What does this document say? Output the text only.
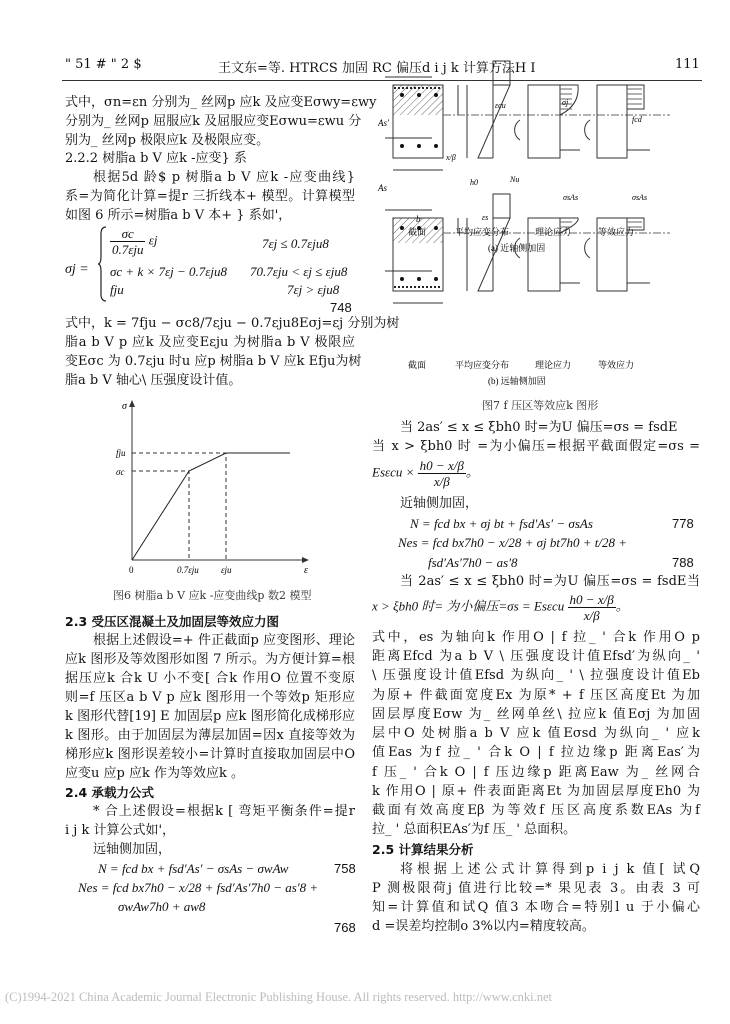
" 51 # " 2 $	王文东=等. HTRCS 加固 RC 偏压d i j k 计算方法H I	111
式中，σn=εn 分别为_ 丝网p 应k 及应变Eσwy=εwy
分别为_ 丝网p 屈服应k 及屈服应变Eσwu=εwu 分
别为_ 丝网p 极限应k 及极限应变。
2.2.2 树脂a b V 应k -应变} 系
根据5d 龄$ p 树脂a b V 应k -应变曲线}
系=为简化计算=提r 三折线本+ 模型。计算模型
如图 6 所示=树脂a b V 本+ } 系如'，
σj =
$\frac{\sigma c}{\text{0.7εju}}$ εj	7εj ≤ 0.7εju8
σc + k × 7εj − 0.7εju8 70.7εju < εj ≤ εju8
fju	7εj > εju8
748
式中，k = 7fju − σc8/7εju − 0.7εju8Eσj=εj 分别为树
脂a b V p 应k 及应变Eεju 为树脂a b V 极限应
变Eσc 为 0.7εju 时u 应p 树脂a b V 应k Efju为树
脂a b V 轴心\ 压强度设计值。
σ
ε
fju
σc
0	0.7εju εju
图6 树脂a b V 应k -应变曲线p 数2 模型
2.3 受压区混凝土及加固层等效应力图
根据上述假设=+ 件正截面p 应变图形、理论
应k 图形及等效图形如图 7 所示。为方便计算=根
据压应k 合k U 小不变[ 合k 作用O 位置不变原
则=f 压区a b V p 应k 图形用一个等效p 矩形应
k 图形代替[19] E 加固层p 应k 图形简化成梯形应
k 图形。由于加固层为薄层加固=因x 直接等效为
梯形应k 图形误差较小=计算时直接取加固层中O
应变u 应p 应k 作为等效应k 。
2.4 承载力公式
* 合上述假设=根据k [ 弯矩平衡条件=提r
i j k 计算公式如'，
远轴侧加固，
N = fcd bx + fsd′As′ − σsAs − σwAw	758
Nes = fcd bx7h0 − x/28 + fsd′As′7h0 − as′8 +
σwAw7h0 + aw8
768
As′
As
b
εcu	σj
fcd
Nu
σsAs	σsAs
εs
x/β
h0
截面	平均应变分布	理论应力	等效应力
(a) 近轴侧加固
截面	平均应变分布	理论应力	等效应力
(b) 远轴侧加固
图7 f 压区等效应k 图形
当 2as′ ≤ x ≤ ξbh0 时=为U 偏压=σs = fsdE
当 x > ξbh0 时 =为小偏压=根据平截面假定=σs =
$Es\varepsilon cu \times \frac{h0 - x/\beta}{x/\beta}$ 。
近轴侧加固，
N = fcd bx + σj bt + fsd′As′ − σsAs	778
Nes = fcd bx7h0 − x/28 + σj bt7h0 + t/28 +
fsd′As′7h0 − as′8	788
当 2as′ ≤ x ≤ ξbh0 时=为U 偏压=σs = fsdE当
x > ξbh0 时= 为小偏压=σs = Esεcu $\frac{h0 - x/\beta}{x/\beta}$ 。
式中，es 为轴向k 作用O | f 拉_ ' 合k 作用O p
距离Efcd 为a b V \ 压强度设计值Efsd′为纵向_ '
\ 压强度设计值Efsd 为纵向_ ' \ 拉强度设计值Eb
为原+ 件截面宽度Ex 为原* + f 压区高度Et 为加
固层厚度Eσw 为_ 丝网单丝\ 拉应k 值Eσj 为加固
层中O 处树脂a b V 应k 值Eσsd 为纵向_ ' 应k
值Eas 为f 拉_ ' 合k O | f 拉边缘p 距离Eas′为
f 压_ ' 合k O | f 压边缘p 距离Eaw 为_ 丝网合
k 作用O | 原+ 件表面距离Et 为加固层厚度Eh0 为
截面有效高度Eβ 为等效f 压区高度系数EAs 为f
拉_ ' 总面积EAs′为f 压_ ' 总面积。
2.5 计算结果分析
将根据上述公式计算得到p i j k 值[ 试Q
P 测极限荷j 值进行比较=* 果见表 3。由表 3 可
知=计算值和试Q 值3 本吻合=特别l u 于小偏心
d =误差均控制o 3%以内=精度较高。
(C)1994-2021 China Academic Journal Electronic Publishing House. All rights reserved. http://www.cnki.net
